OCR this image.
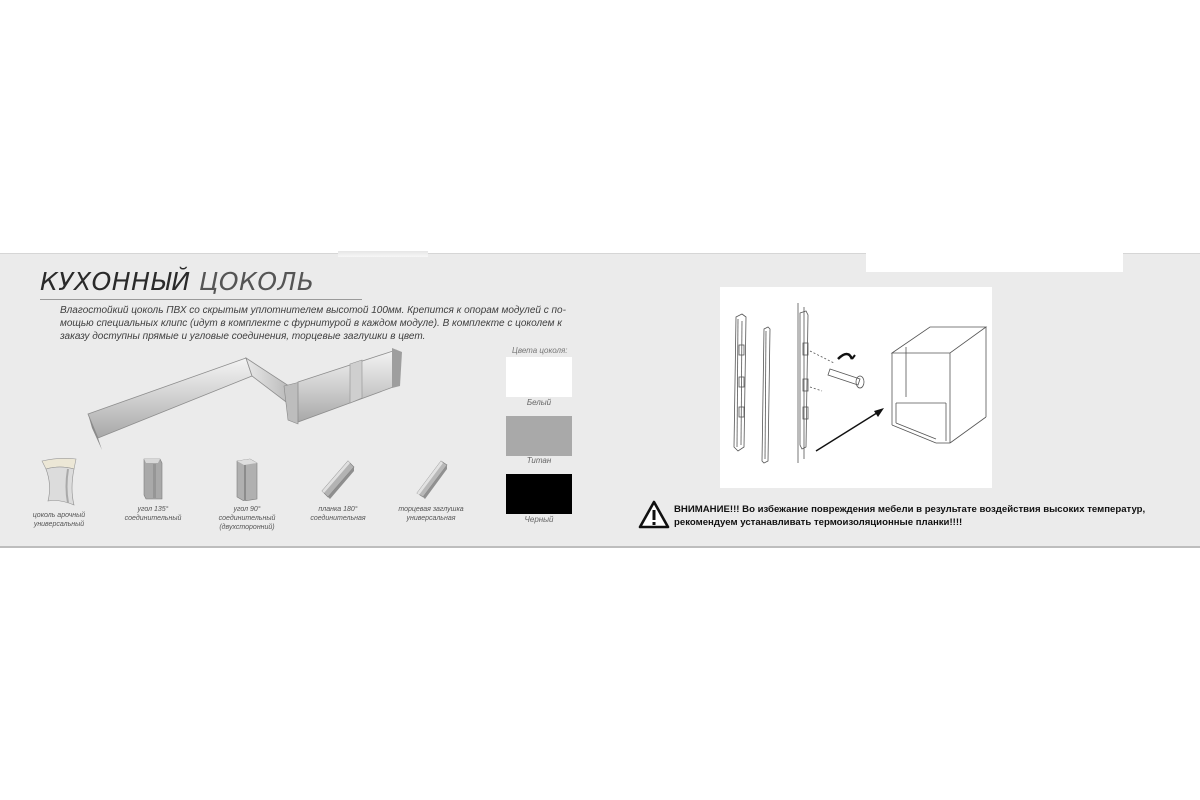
КУХОННЫЙ ЦОКОЛЬ
Влагостойкий цоколь ПВХ со скрытым уплотнителем высотой 100мм. Крепится к опорам модулей с по-
мощью специальных клипс (идут в комплекте с фурнитурой в каждом модуле). В комплекте с цоколем к
заказу доступны прямые и угловые соединения, торцевые заглушки в цвет.
цоколь арочный
универсальный
угол 135°
соединительный
угол 90°
соединительный
(двухсторонний)
планка 180°
соединительная
торцевая заглушка
универсальная
Цвета цоколя:
Белый
Титан
Черный
ВНИМАНИЕ!!! Во избежание повреждения мебели в результате воздействия высоких температур,
рекомендуем устанавливать термоизоляционные планки!!!!
